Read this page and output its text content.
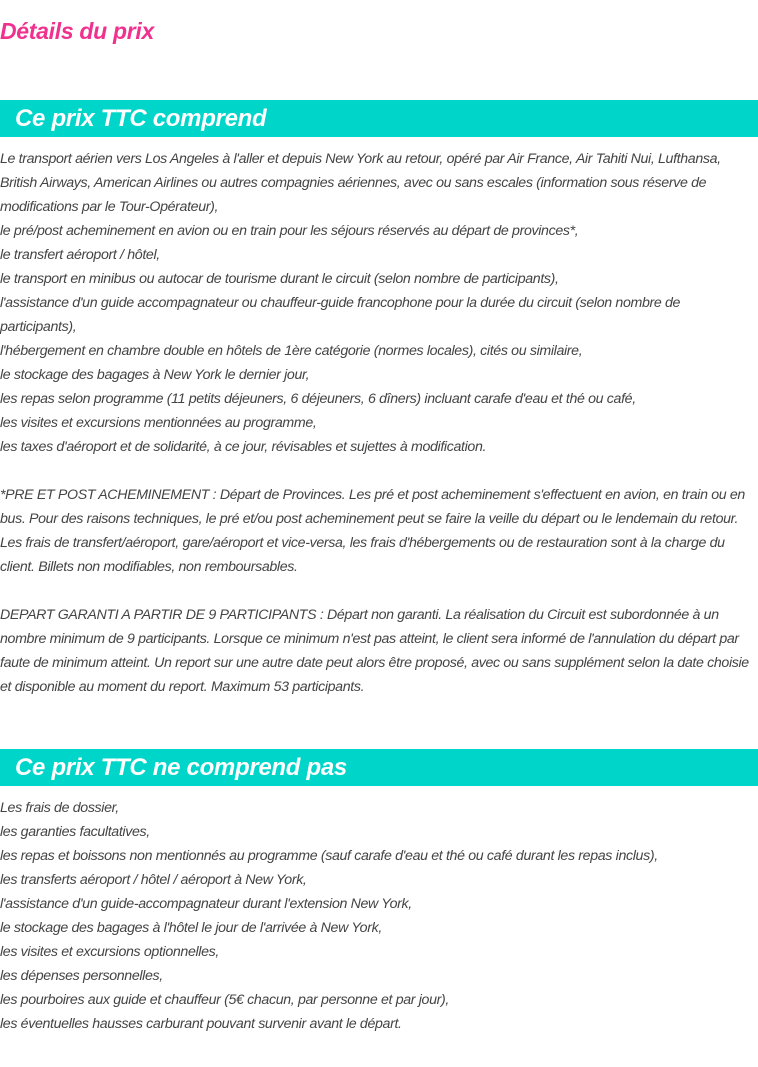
Détails du prix
Ce prix TTC comprend
Le transport aérien vers Los Angeles à l'aller et depuis New York au retour, opéré par Air France, Air Tahiti Nui, Lufthansa, British Airways, American Airlines ou autres compagnies aériennes, avec ou sans escales (information sous réserve de modifications par le Tour-Opérateur),
le pré/post acheminement en avion ou en train pour les séjours réservés au départ de provinces*,
le transfert aéroport / hôtel,
le transport en minibus ou autocar de tourisme durant le circuit (selon nombre de participants),
l'assistance d'un guide accompagnateur ou chauffeur-guide francophone pour la durée du circuit (selon nombre de participants),
l'hébergement en chambre double en hôtels de 1ère catégorie (normes locales), cités ou similaire,
le stockage des bagages à New York le dernier jour,
les repas selon programme (11 petits déjeuners, 6 déjeuners, 6 dîners) incluant carafe d'eau et thé ou café,
les visites et excursions mentionnées au programme,
les taxes d'aéroport et de solidarité, à ce jour, révisables et sujettes à modification.
*PRE ET POST ACHEMINEMENT : Départ de Provinces. Les pré et post acheminement s'effectuent en avion, en train ou en bus. Pour des raisons techniques, le pré et/ou post acheminement peut se faire la veille du départ ou le lendemain du retour. Les frais de transfert/aéroport, gare/aéroport et vice-versa, les frais d'hébergements ou de restauration sont à la charge du client. Billets non modifiables, non remboursables.
DEPART GARANTI A PARTIR DE 9 PARTICIPANTS : Départ non garanti. La réalisation du Circuit est subordonnée à un nombre minimum de 9 participants. Lorsque ce minimum n'est pas atteint, le client sera informé de l'annulation du départ par faute de minimum atteint. Un report sur une autre date peut alors être proposé, avec ou sans supplément selon la date choisie et disponible au moment du report. Maximum 53 participants.
Ce prix TTC ne comprend pas
Les frais de dossier,
les garanties facultatives,
les repas et boissons non mentionnés au programme (sauf carafe d'eau et thé ou café durant les repas inclus),
les transferts aéroport / hôtel / aéroport à New York,
l'assistance d'un guide-accompagnateur durant l'extension New York,
le stockage des bagages à l'hôtel le jour de l'arrivée à New York,
les visites et excursions optionnelles,
les dépenses personnelles,
les pourboires aux guide et chauffeur (5€ chacun, par personne et par jour),
les éventuelles hausses carburant pouvant survenir avant le départ.
